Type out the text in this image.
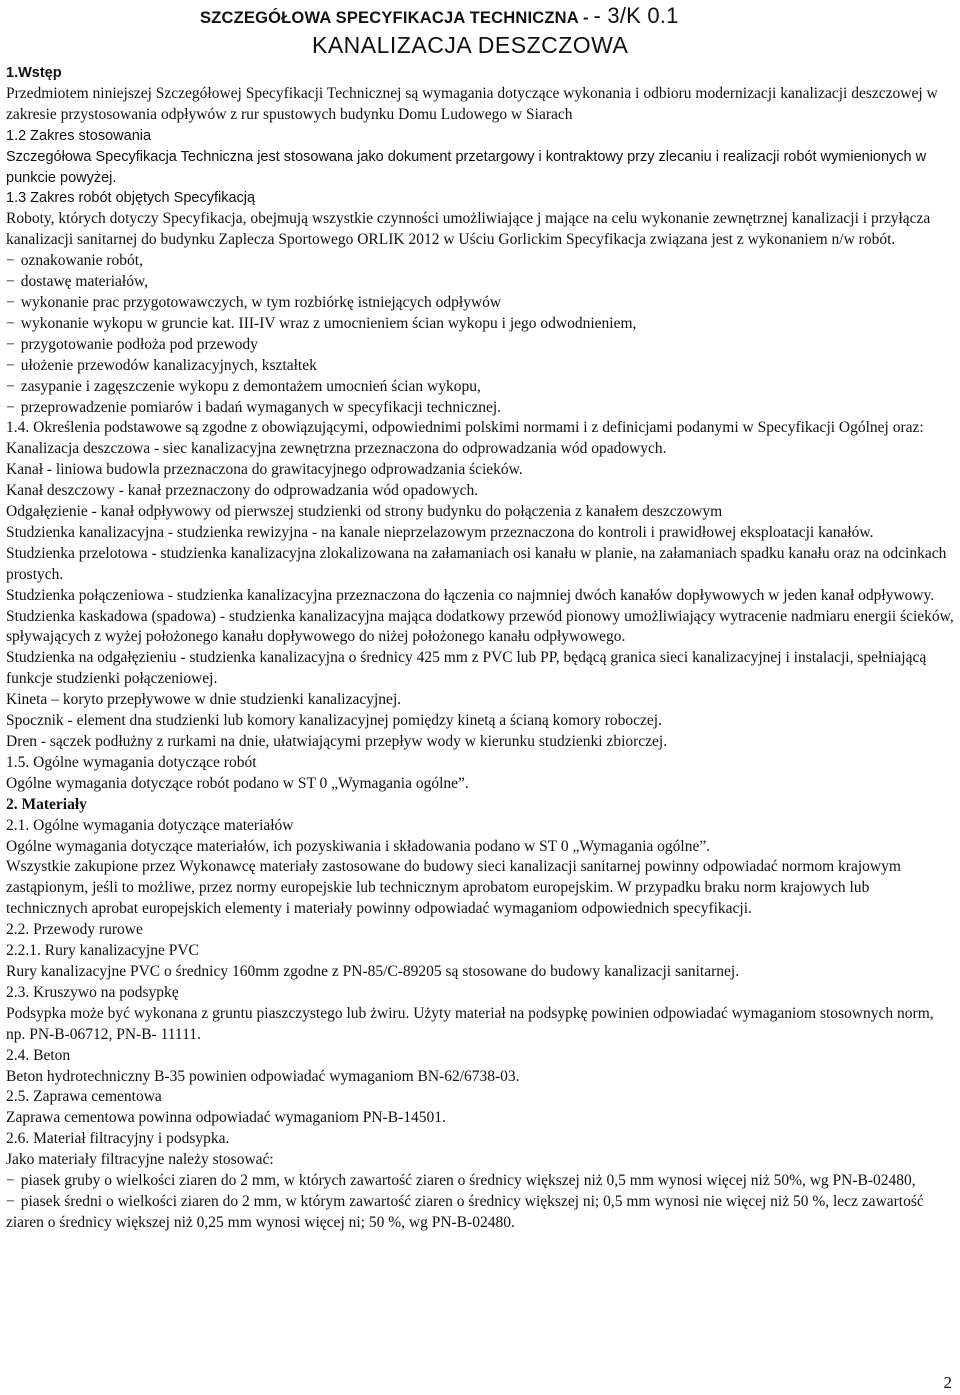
SZCZEGÓŁOWA SPECYFIKACJA TECHNICZNA - - 3/K 0.1
KANALIZACJA DESZCZOWA
1.Wstęp
Przedmiotem niniejszej Szczegółowej Specyfikacji Technicznej są wymagania dotyczące wykonania i odbioru modernizacji kanalizacji deszczowej w zakresie przystosowania odpływów z rur spustowych budynku Domu Ludowego w Siarach
1.2 Zakres stosowania
Szczegółowa Specyfikacja Techniczna jest stosowana jako dokument przetargowy i kontraktowy przy zlecaniu i realizacji robót wymienionych w punkcie powyżej.
1.3 Zakres robót objętych Specyfikacją
Roboty, których dotyczy Specyfikacja, obejmują wszystkie czynności umożliwiające j mające na celu wykonanie zewnętrznej kanalizacji i przyłącza kanalizacji sanitarnej do budynku Zaplecza Sportowego ORLIK 2012 w Uściu Gorlickim Specyfikacja związana jest z wykonaniem n/w robót.
− oznakowanie robót,
− dostawę materiałów,
− wykonanie prac przygotowawczych, w tym rozbiórkę istniejących odpływów
− wykonanie wykopu w gruncie kat. III-IV wraz z umocnieniem ścian wykopu i jego odwodnieniem,
− przygotowanie podłoża pod przewody
− ułożenie przewodów kanalizacyjnych, kształtek
− zasypanie i zagęszczenie wykopu z demontażem umocnień ścian wykopu,
− przeprowadzenie pomiarów i badań wymaganych w specyfikacji technicznej.
1.4. Określenia podstawowe są zgodne z obowiązującymi, odpowiednimi polskimi normami i z definicjami podanymi w Specyfikacji Ogólnej oraz:
Kanalizacja deszczowa - siec kanalizacyjna zewnętrzna przeznaczona do odprowadzania wód opadowych.
Kanał - liniowa budowla przeznaczona do grawitacyjnego odprowadzania ścieków.
Kanał deszczowy - kanał przeznaczony do odprowadzania wód opadowych.
Odgałęzienie - kanał odpływowy od pierwszej studzienki od strony budynku do połączenia z kanałem deszczowym
Studzienka kanalizacyjna - studzienka rewizyjna - na kanale nieprzelazowym przeznaczona do kontroli i prawidłowej eksploatacji kanałów.
Studzienka przelotowa - studzienka kanalizacyjna zlokalizowana na załamaniach osi kanału w planie, na załamaniach spadku kanału oraz na odcinkach prostych.
Studzienka połączeniowa - studzienka kanalizacyjna przeznaczona do łączenia co najmniej dwóch kanałów dopływowych w jeden kanał odpływowy.
Studzienka kaskadowa (spadowa) - studzienka kanalizacyjna mająca dodatkowy przewód pionowy umożliwiający wytracenie nadmiaru energii ścieków, spływających z wyżej położonego kanału dopływowego do niżej położonego kanału odpływowego.
Studzienka na odgałęzieniu - studzienka kanalizacyjna o średnicy 425 mm z PVC lub PP, będącą granica sieci kanalizacyjnej i instalacji, spełniającą funkcje studzienki połączeniowej.
Kineta – koryto przepływowe w dnie studzienki kanalizacyjnej.
Spocznik - element dna studzienki lub komory kanalizacyjnej pomiędzy kinetą a ścianą komory roboczej.
Dren - sączek podłużny z rurkami na dnie, ułatwiającymi przepływ wody w kierunku studzienki zbiorczej.
1.5. Ogólne wymagania dotyczące robót
Ogólne wymagania dotyczące robót podano w ST 0 „Wymagania ogólne”.
2. Materiały
2.1. Ogólne wymagania dotyczące materiałów
Ogólne wymagania dotyczące materiałów, ich pozyskiwania i składowania podano w ST 0 „Wymagania ogólne”.
Wszystkie zakupione przez Wykonawcę materiały zastosowane do budowy sieci kanalizacji sanitarnej powinny odpowiadać normom krajowym zastąpionym, jeśli to możliwe, przez normy europejskie lub technicznym aprobatom europejskim. W przypadku braku norm krajowych lub technicznych aprobat europejskich elementy i materiały powinny odpowiadać wymaganiom odpowiednich specyfikacji.
2.2. Przewody rurowe
2.2.1. Rury kanalizacyjne PVC
Rury kanalizacyjne PVC o średnicy 160mm zgodne z PN-85/C-89205 są stosowane do budowy kanalizacji sanitarnej.
2.3. Kruszywo na podsypkę
Podsypka może być wykonana z gruntu piaszczystego lub żwiru. Użyty materiał na podsypkę powinien odpowiadać wymaganiom stosownych norm, np. PN-B-06712, PN-B- 11111.
2.4. Beton
Beton hydrotechniczny B-35 powinien odpowiadać wymaganiom BN-62/6738-03.
2.5. Zaprawa cementowa
Zaprawa cementowa powinna odpowiadać wymaganiom PN-B-14501.
2.6. Materiał filtracyjny i podsypka.
Jako materiały filtracyjne należy stosować:
− piasek gruby o wielkości ziaren do 2 mm, w których zawartość ziaren o średnicy większej niż 0,5 mm wynosi więcej niż 50%, wg PN-B-02480,
− piasek średni o wielkości ziaren do 2 mm, w którym zawartość ziaren o średnicy większej ni; 0,5 mm wynosi nie więcej niż 50 %, lecz zawartość ziaren o średnicy większej niż 0,25 mm wynosi więcej ni; 50 %, wg PN-B-02480.
2
